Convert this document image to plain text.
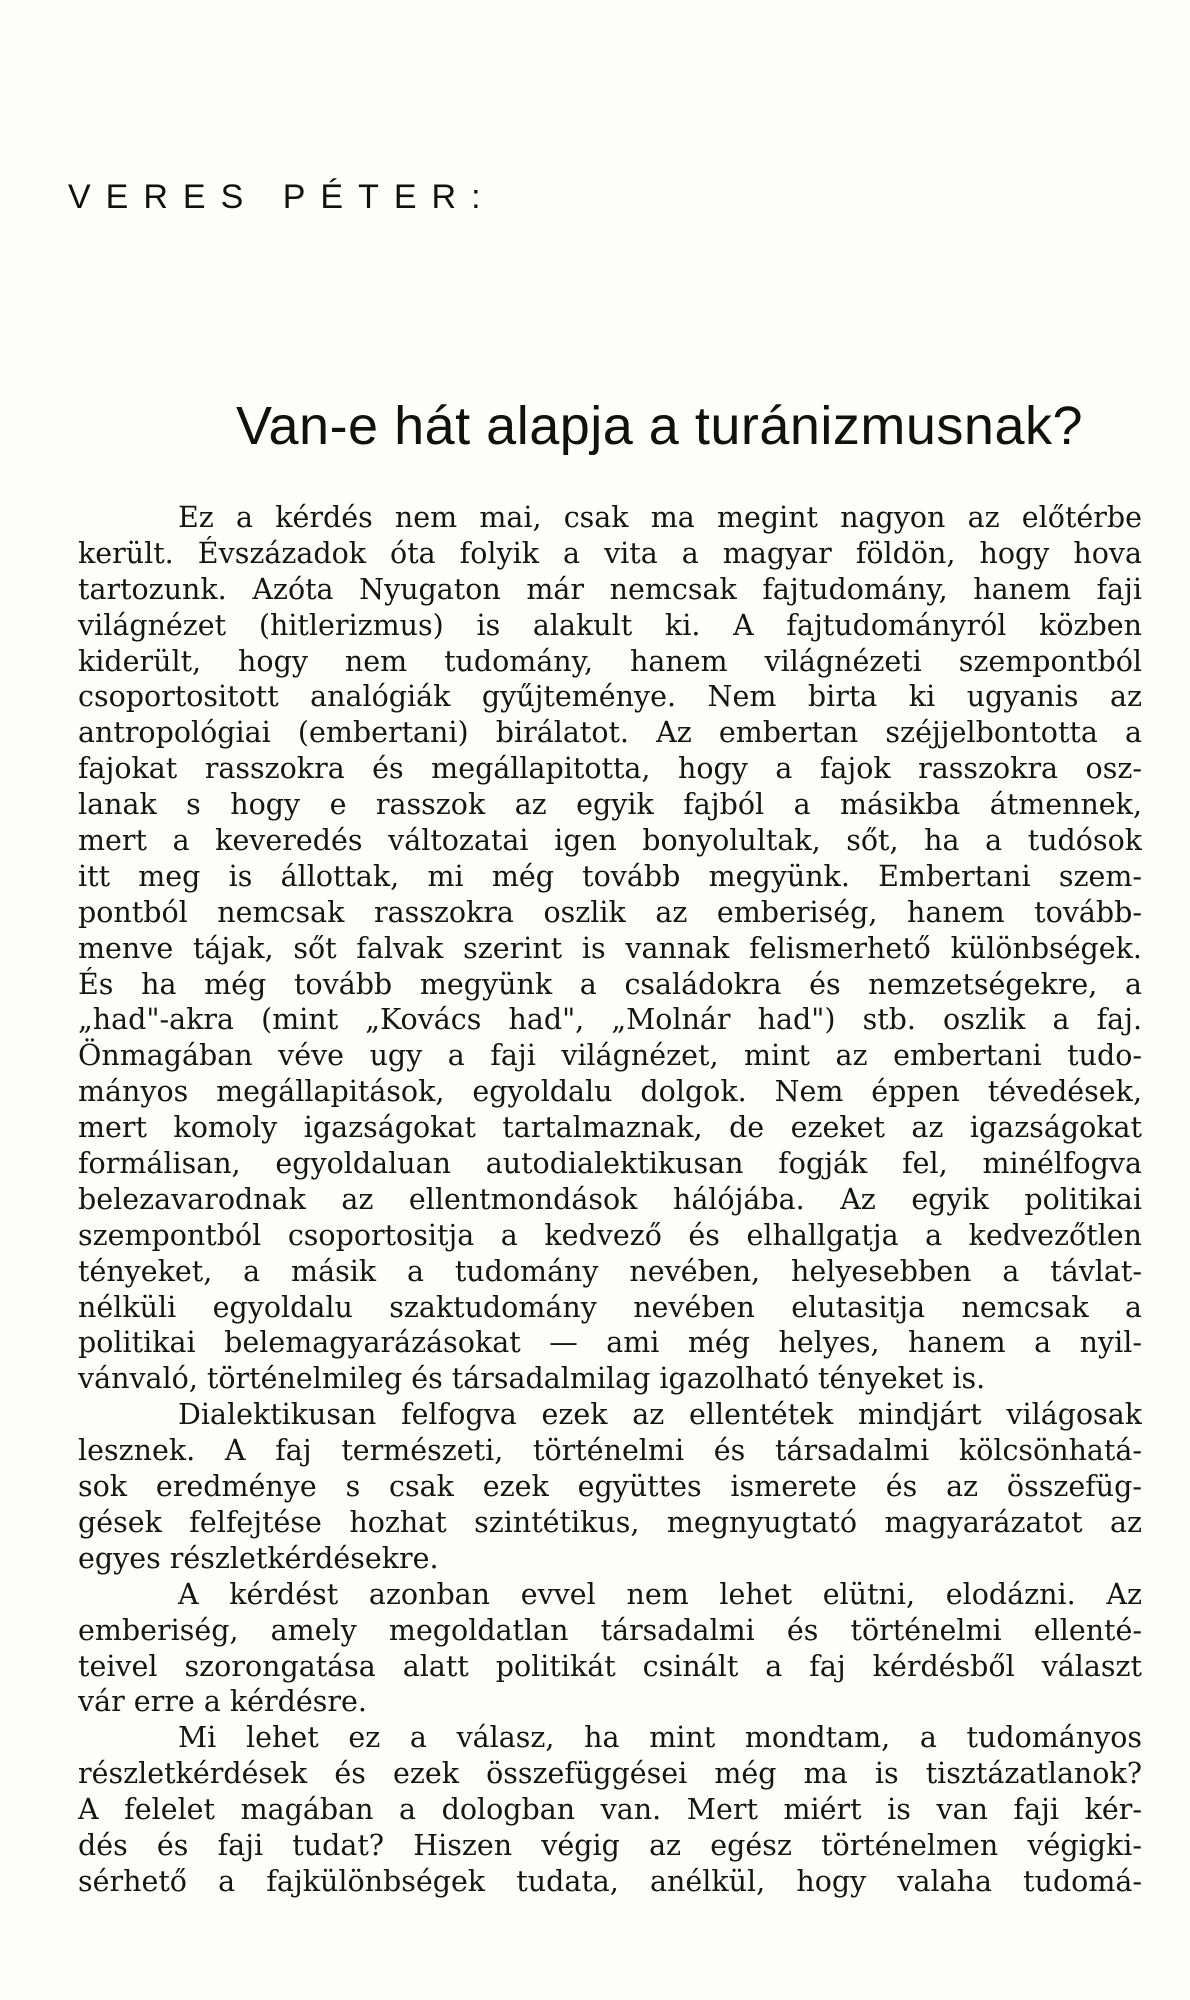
VERES PÉTER:
Van-e hát alapja a turánizmusnak?
Ez a kérdés nem mai, csak ma megint nagyon az előtérbe
került. Évszázadok óta folyik a vita a magyar földön, hogy hova
tartozunk. Azóta Nyugaton már nemcsak fajtudomány, hanem faji
világnézet (hitlerizmus) is alakult ki. A fajtudományról közben
kiderült, hogy nem tudomány, hanem világnézeti szempontból
csoportositott analógiák gyűjteménye. Nem birta ki ugyanis az
antropológiai (embertani) birálatot. Az embertan széjjelbontotta a
fajokat rasszokra és megállapitotta, hogy a fajok rasszokra osz-
lanak s hogy e rasszok az egyik fajból a másikba átmennek,
mert a keveredés változatai igen bonyolultak, sőt, ha a tudósok
itt meg is állottak, mi még tovább megyünk. Embertani szem-
pontból nemcsak rasszokra oszlik az emberiség, hanem tovább-
menve tájak, sőt falvak szerint is vannak felismerhető különbségek.
És ha még tovább megyünk a családokra és nemzetségekre, a
„had"-akra (mint „Kovács had", „Molnár had") stb. oszlik a faj.
Önmagában véve ugy a faji világnézet, mint az embertani tudo-
mányos megállapitások, egyoldalu dolgok. Nem éppen tévedések,
mert komoly igazságokat tartalmaznak, de ezeket az igazságokat
formálisan, egyoldaluan autodialektikusan fogják fel, minélfogva
belezavarodnak az ellentmondások hálójába. Az egyik politikai
szempontból csoportositja a kedvező és elhallgatja a kedvezőtlen
tényeket, a másik a tudomány nevében, helyesebben a távlat-
nélküli egyoldalu szaktudomány nevében elutasitja nemcsak a
politikai belemagyarázásokat — ami még helyes, hanem a nyil-
vánvaló, történelmileg és társadalmilag igazolható tényeket is.
Dialektikusan felfogva ezek az ellentétek mindjárt világosak
lesznek. A faj természeti, történelmi és társadalmi kölcsönhatá-
sok eredménye s csak ezek együttes ismerete és az összefüg-
gések felfejtése hozhat szintétikus, megnyugtató magyarázatot az
egyes részletkérdésekre.
A kérdést azonban evvel nem lehet elütni, elodázni. Az
emberiség, amely megoldatlan társadalmi és történelmi ellenté-
teivel szorongatása alatt politikát csinált a faj kérdésből választ
vár erre a kérdésre.
Mi lehet ez a válasz, ha mint mondtam, a tudományos
részletkérdések és ezek összefüggései még ma is tisztázatlanok?
A felelet magában a dologban van. Mert miért is van faji kér-
dés és faji tudat? Hiszen végig az egész történelmen végigki-
sérhető a fajkülönbségek tudata, anélkül, hogy valaha tudomá-
